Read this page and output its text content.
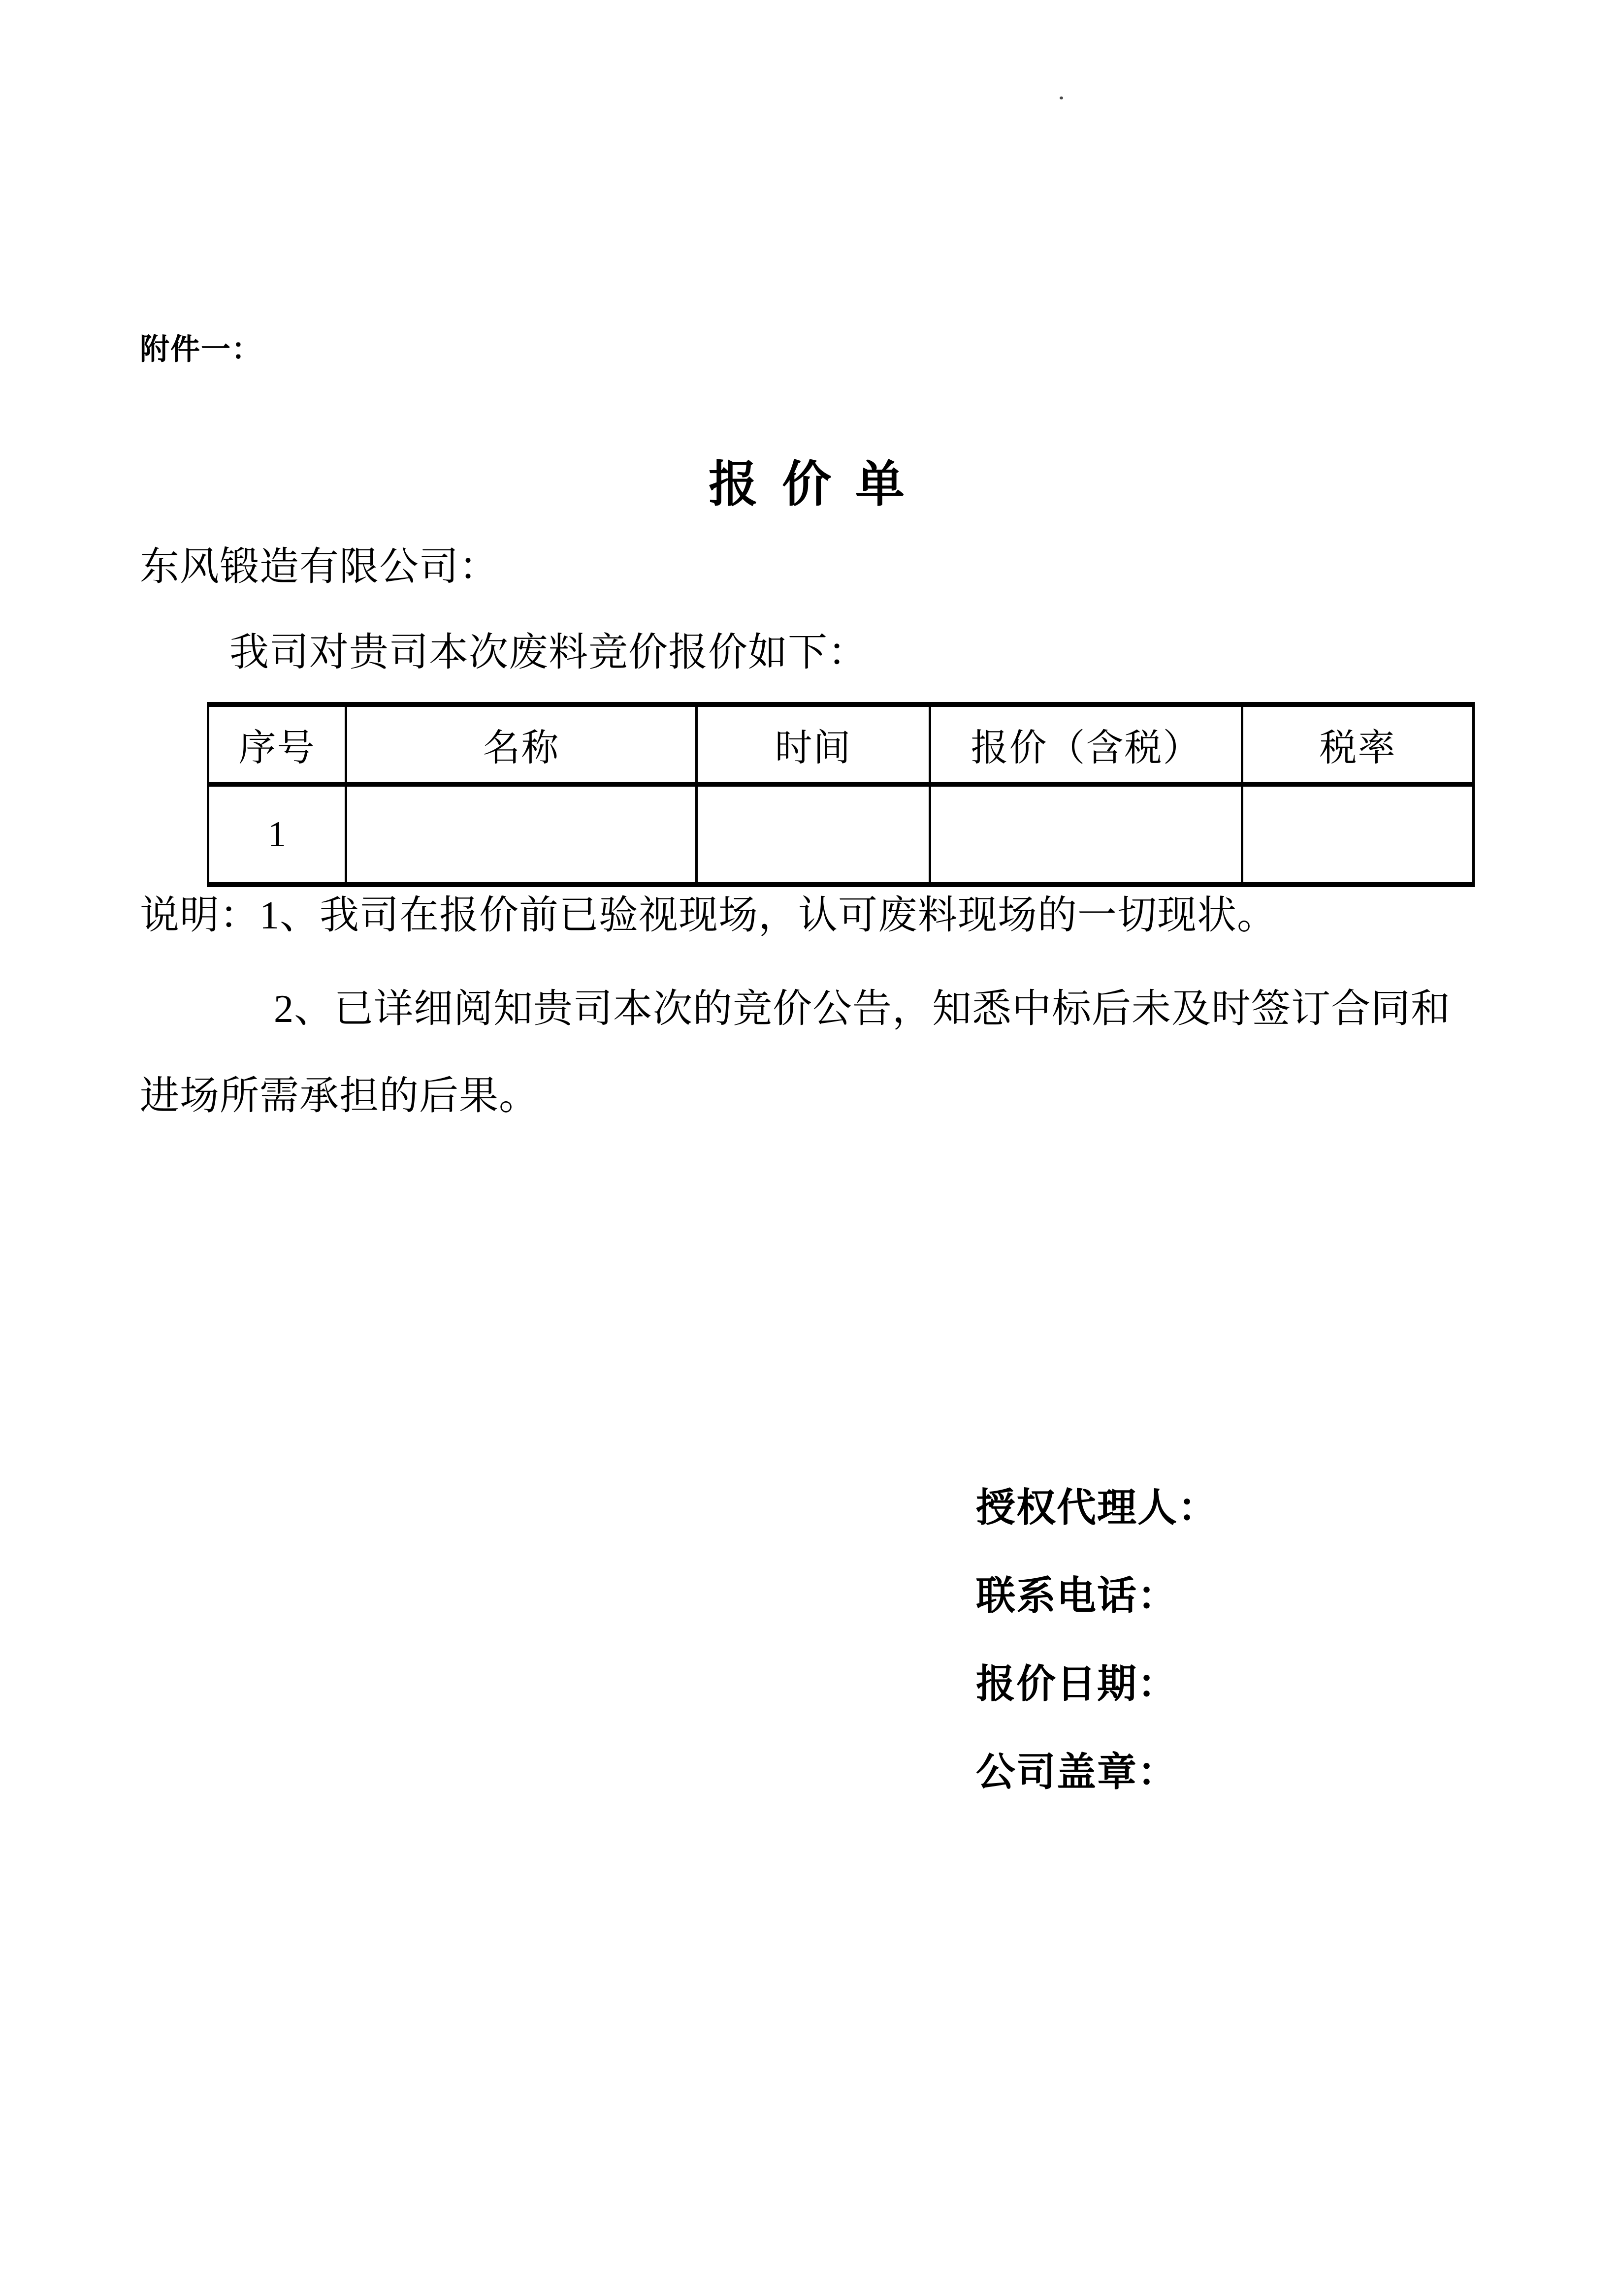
附件一：
报 价 单
东风锻造有限公司：
我司对贵司本次废料竞价报价如下：
序号	名称	时间	报价（含税）	税率
1				
说明：1、我司在报价前已验视现场，认可废料现场的一切现状。
2、已详细阅知贵司本次的竞价公告，知悉中标后未及时签订合同和
进场所需承担的后果。
授权代理人：
联系电话：
报价日期：
公司盖章：
